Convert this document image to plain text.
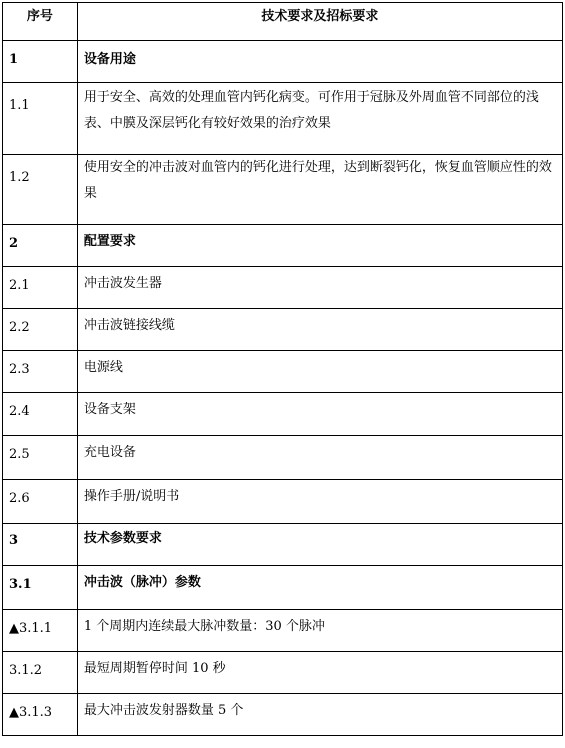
序号	技术要求及招标要求
1	设备用途
1.1	用于安全、高效的处理血管内钙化病变。可作用于冠脉及外周血管不同部位的浅表、中膜及深层钙化有较好效果的治疗效果
1.2	使用安全的冲击波对血管内的钙化进行处理，达到断裂钙化，恢复血管顺应性的效果
2	配置要求
2.1	冲击波发生器
2.2	冲击波链接线缆
2.3	电源线
2.4	设备支架
2.5	充电设备
2.6	操作手册/说明书
3	技术参数要求
3.1	冲击波（脉冲）参数
▲3.1.1	1 个周期内连续最大脉冲数量：30 个脉冲
3.1.2	最短周期暂停时间 10 秒
▲3.1.3	最大冲击波发射器数量 5 个
